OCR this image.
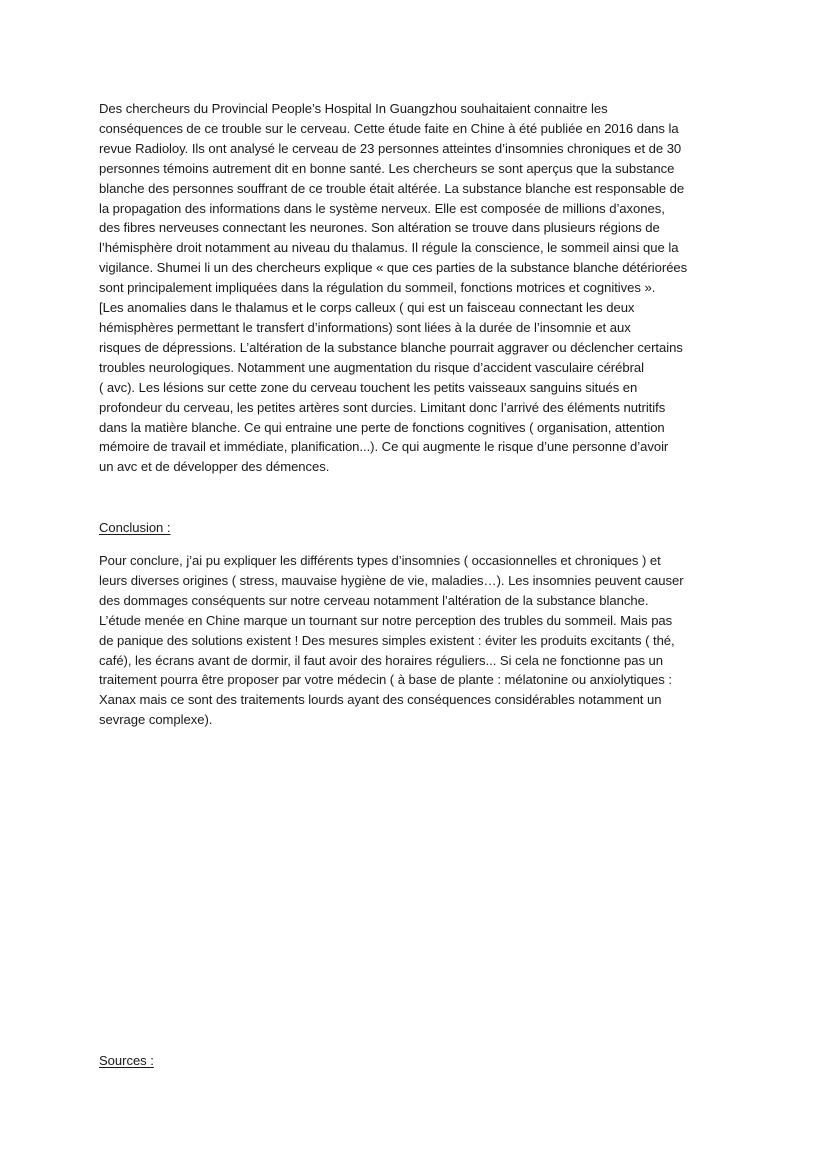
Des chercheurs du Provincial People’s Hospital In Guangzhou souhaitaient connaitre les
conséquences de ce trouble sur le cerveau. Cette étude faite en Chine à été publiée en 2016 dans la
revue Radioloy. Ils ont analysé le cerveau de 23 personnes atteintes d’insomnies chroniques et de 30
personnes témoins autrement dit en bonne santé. Les chercheurs se sont aperçus que la substance
blanche des personnes souffrant de ce trouble était altérée. La substance blanche est responsable de
la propagation des informations dans le système nerveux. Elle est composée de millions d’axones,
des fibres nerveuses connectant les neurones. Son altération se trouve dans plusieurs régions de
l’hémisphère droit notamment au niveau du thalamus. Il régule la conscience, le sommeil ainsi que la
vigilance. Shumei li un des chercheurs explique « que ces parties de la substance blanche détériorées
sont principalement impliquées dans la régulation du sommeil, fonctions motrices et cognitives ».
[Les anomalies dans le thalamus et le corps calleux ( qui est un faisceau connectant les deux
hémisphères permettant le transfert d’informations) sont liées à la durée de l’insomnie et aux
risques de dépressions. L’altération de la substance blanche pourrait aggraver ou déclencher certains
troubles neurologiques. Notamment une augmentation du risque d’accident vasculaire cérébral
( avc). Les lésions sur cette zone du cerveau touchent les petits vaisseaux sanguins situés en
profondeur du cerveau, les petites artères sont durcies. Limitant donc l’arrivé des éléments nutritifs
dans la matière blanche. Ce qui entraine une perte de fonctions cognitives ( organisation, attention
mémoire de travail et immédiate, planification...). Ce qui augmente le risque d’une personne d’avoir
un avc et de développer des démences.
Conclusion :
Pour conclure, j’ai pu expliquer les différents types d’insomnies ( occasionnelles et chroniques ) et
leurs diverses origines ( stress, mauvaise hygiène de vie, maladies…). Les insomnies peuvent causer
des dommages conséquents sur notre cerveau notamment l’altération de la substance blanche.
L’étude menée en Chine marque un tournant sur notre perception des trubles du sommeil. Mais pas
de panique des solutions existent ! Des mesures simples existent : éviter les produits excitants ( thé,
café), les écrans avant de dormir, il faut avoir des horaires réguliers... Si cela ne fonctionne pas un
traitement pourra être proposer par votre médecin ( à base de plante : mélatonine ou anxiolytiques :
Xanax mais ce sont des traitements lourds ayant des conséquences considérables notamment un
sevrage complexe).
Sources :
